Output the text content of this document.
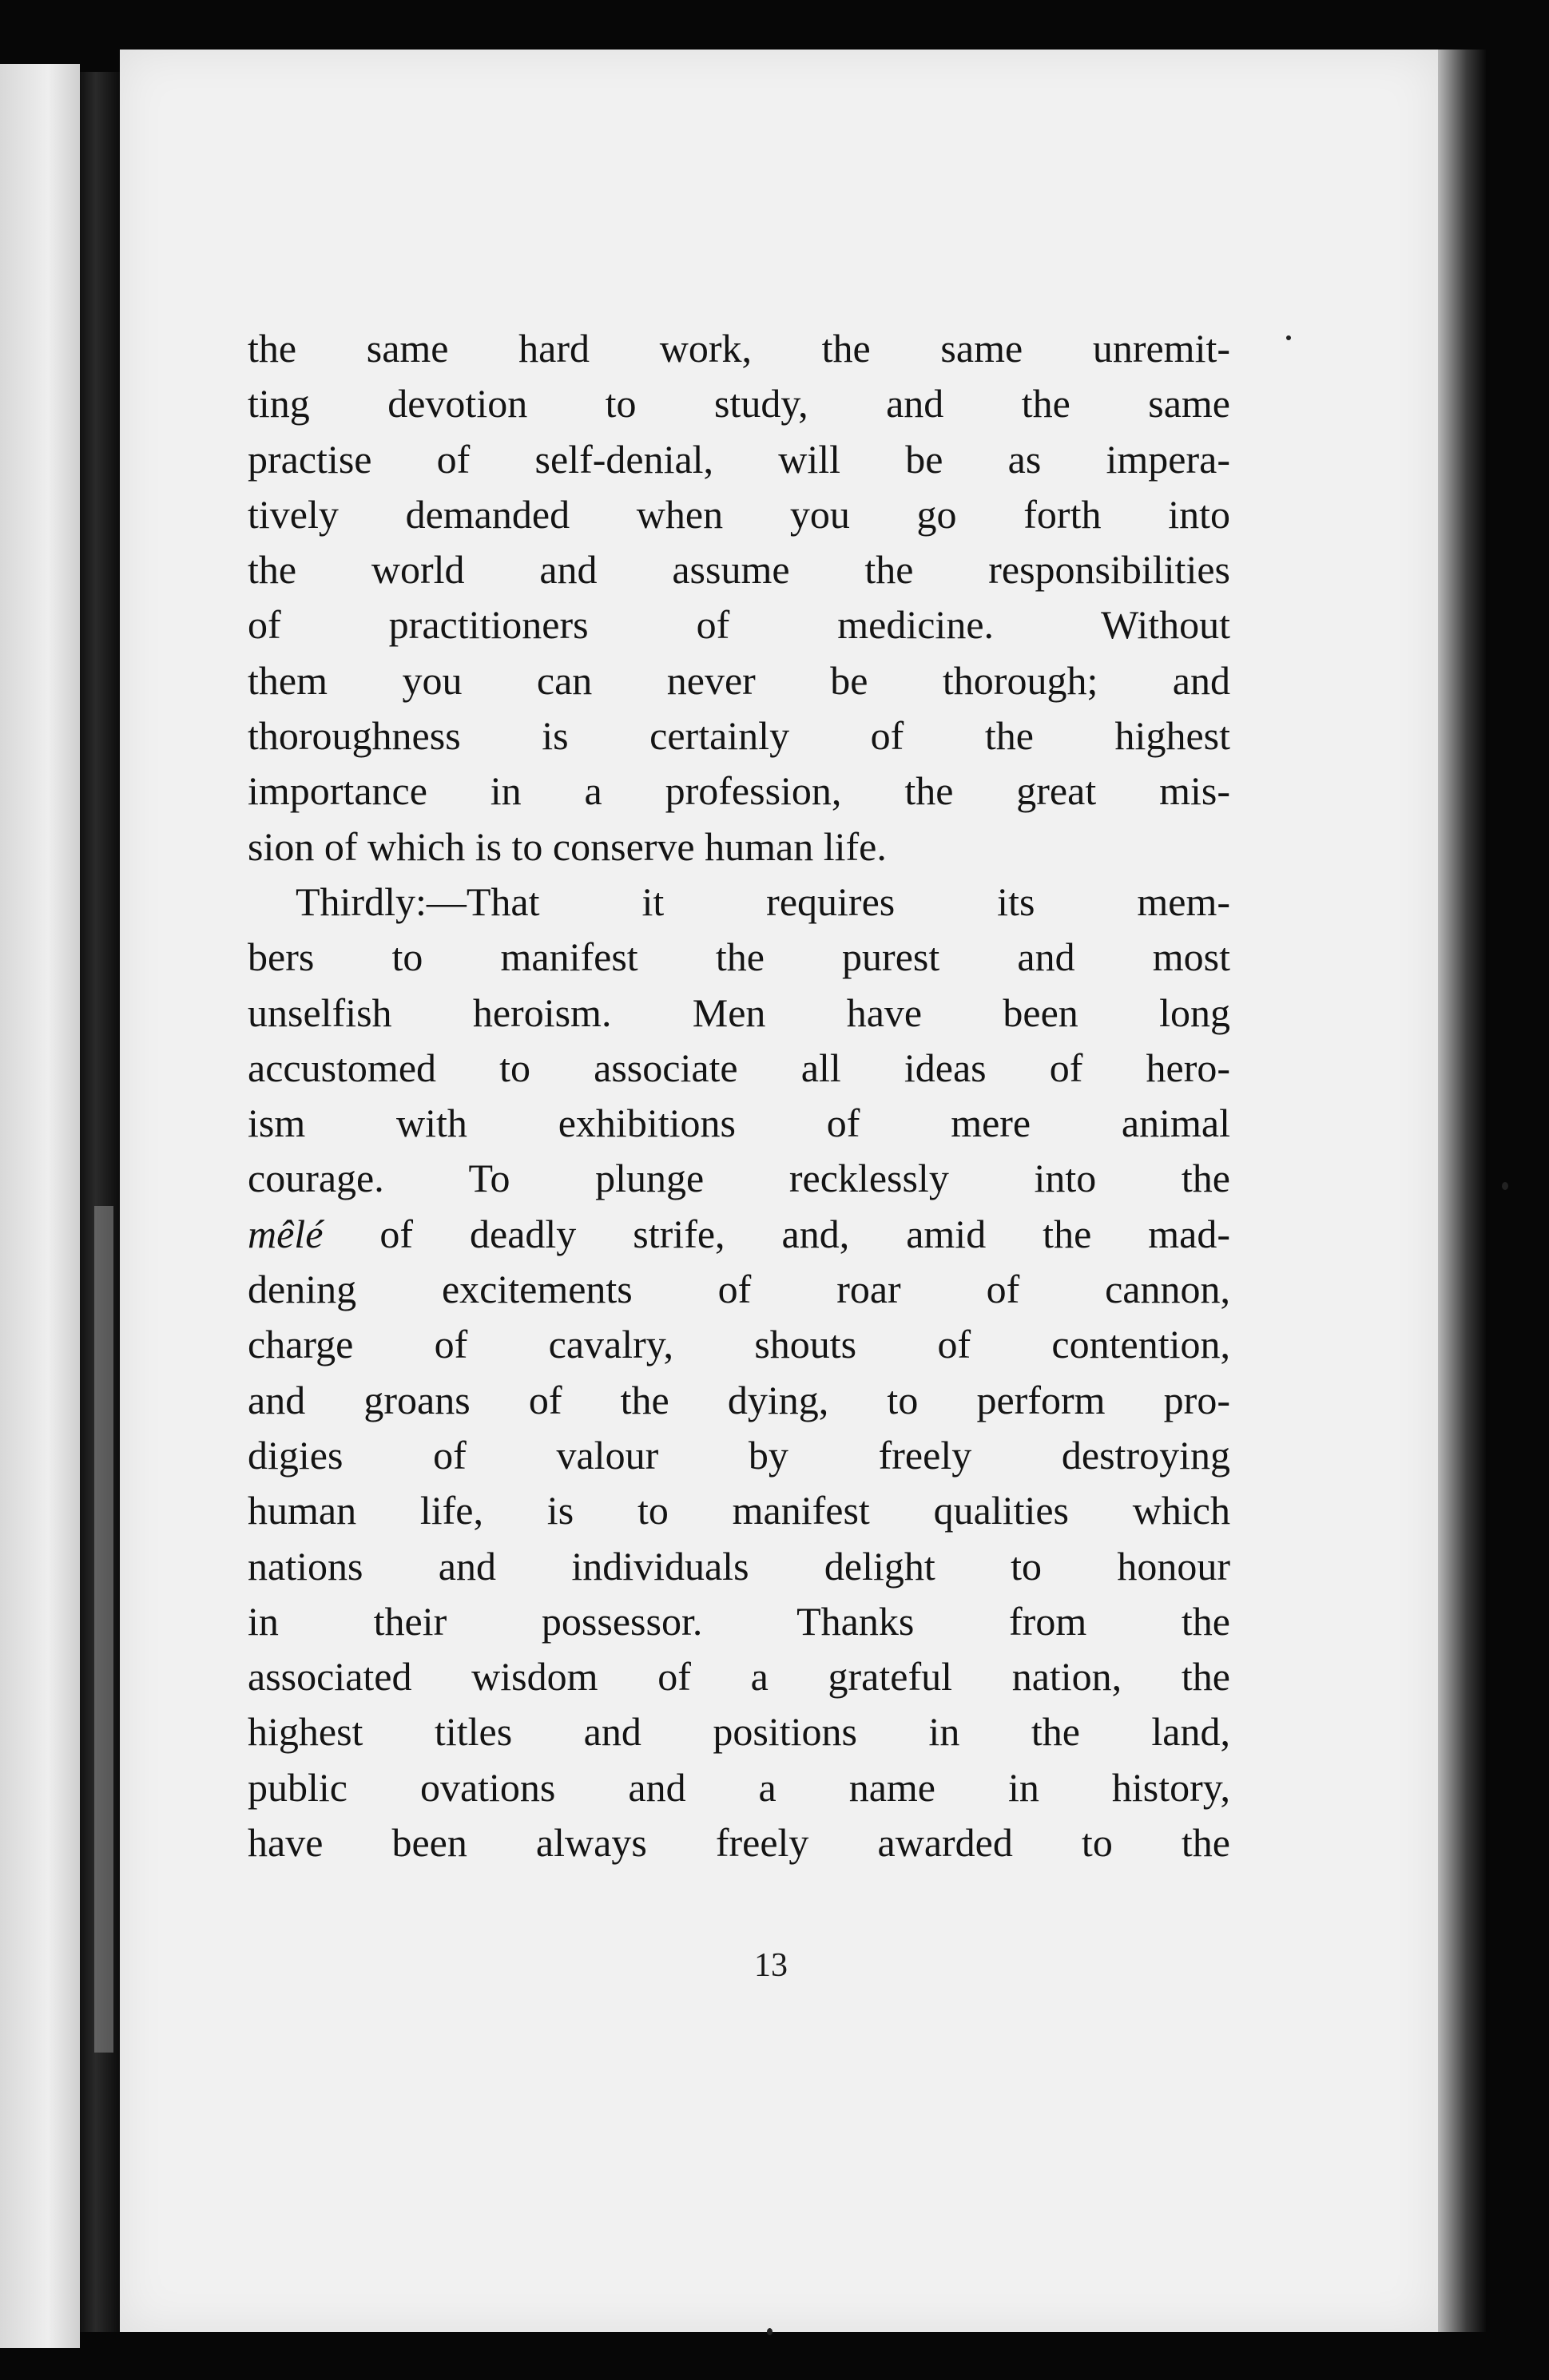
the same hard work, the same unremit-
ting devotion to study, and the same
practise of self-denial, will be as impera-
tively demanded when you go forth into
the world and assume the responsibilities
of practitioners of medicine. Without
them you can never be thorough; and
thoroughness is certainly of the highest
importance in a profession, the great mis-
sion of which is to conserve human life.
Thirdly:—That it requires its mem-
bers to manifest the purest and most
unselfish heroism. Men have been long
accustomed to associate all ideas of hero-
ism with exhibitions of mere animal
courage. To plunge recklessly into the
mêlé of deadly strife, and, amid the mad-
dening excitements of roar of cannon,
charge of cavalry, shouts of contention,
and groans of the dying, to perform pro-
digies of valour by freely destroying
human life, is to manifest qualities which
nations and individuals delight to honour
in their possessor. Thanks from the
associated wisdom of a grateful nation, the
highest titles and positions in the land,
public ovations and a name in history,
have been always freely awarded to the
13
